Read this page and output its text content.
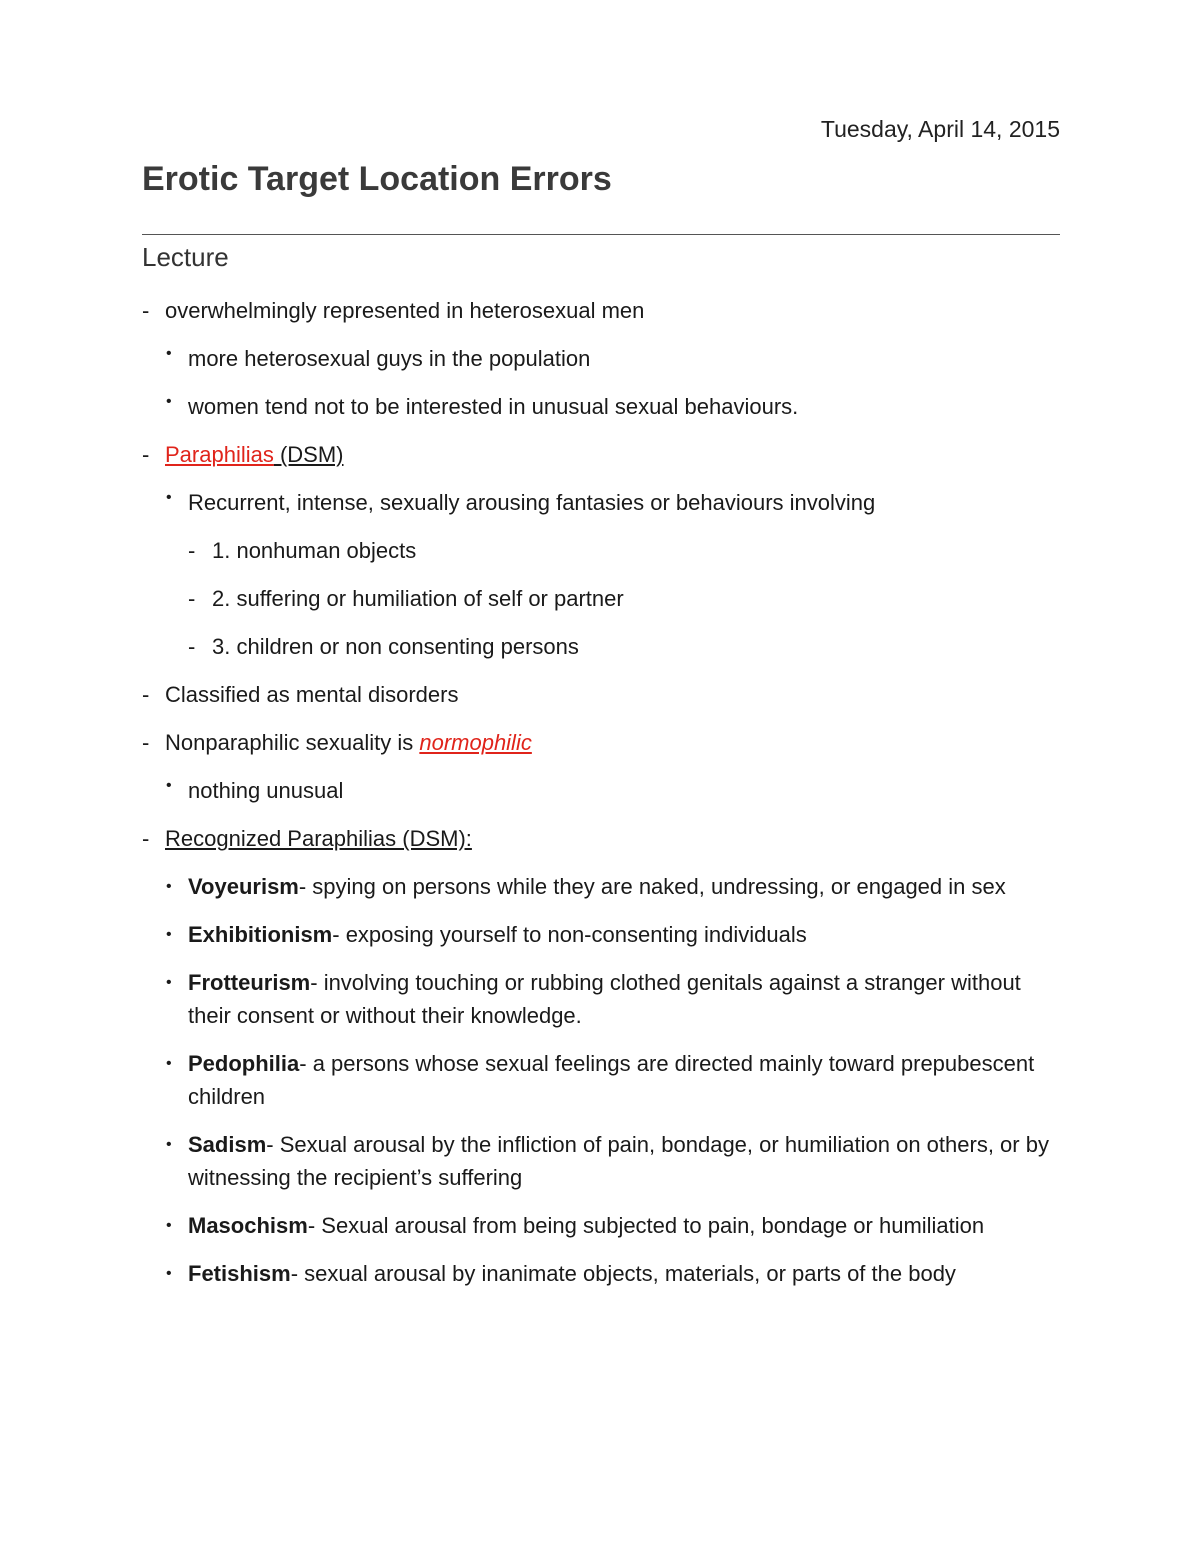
Tuesday, April 14, 2015
Erotic Target Location Errors
Lecture
- overwhelmingly represented in heterosexual men
• more heterosexual guys in the population
• women tend not to be interested in unusual sexual behaviours.
- Paraphilias (DSM)
• Recurrent, intense, sexually arousing fantasies or behaviours involving
- 1. nonhuman objects
- 2. suffering or humiliation of self or partner
- 3. children or non consenting persons
- Classified as mental disorders
- Nonparaphilic sexuality is normophilic
• nothing unusual
- Recognized Paraphilias (DSM):
• Voyeurism- spying on persons while they are naked, undressing, or engaged in sex
• Exhibitionism- exposing yourself to non-consenting individuals
• Frotteurism- involving touching or rubbing clothed genitals against a stranger without their consent or without their knowledge.
• Pedophilia- a persons whose sexual feelings are directed mainly toward prepubescent children
• Sadism- Sexual arousal by the infliction of pain, bondage, or humiliation on others, or by witnessing the recipient’s suffering
• Masochism- Sexual arousal from being subjected to pain, bondage or humiliation
• Fetishism- sexual arousal by inanimate objects, materials, or parts of the body
